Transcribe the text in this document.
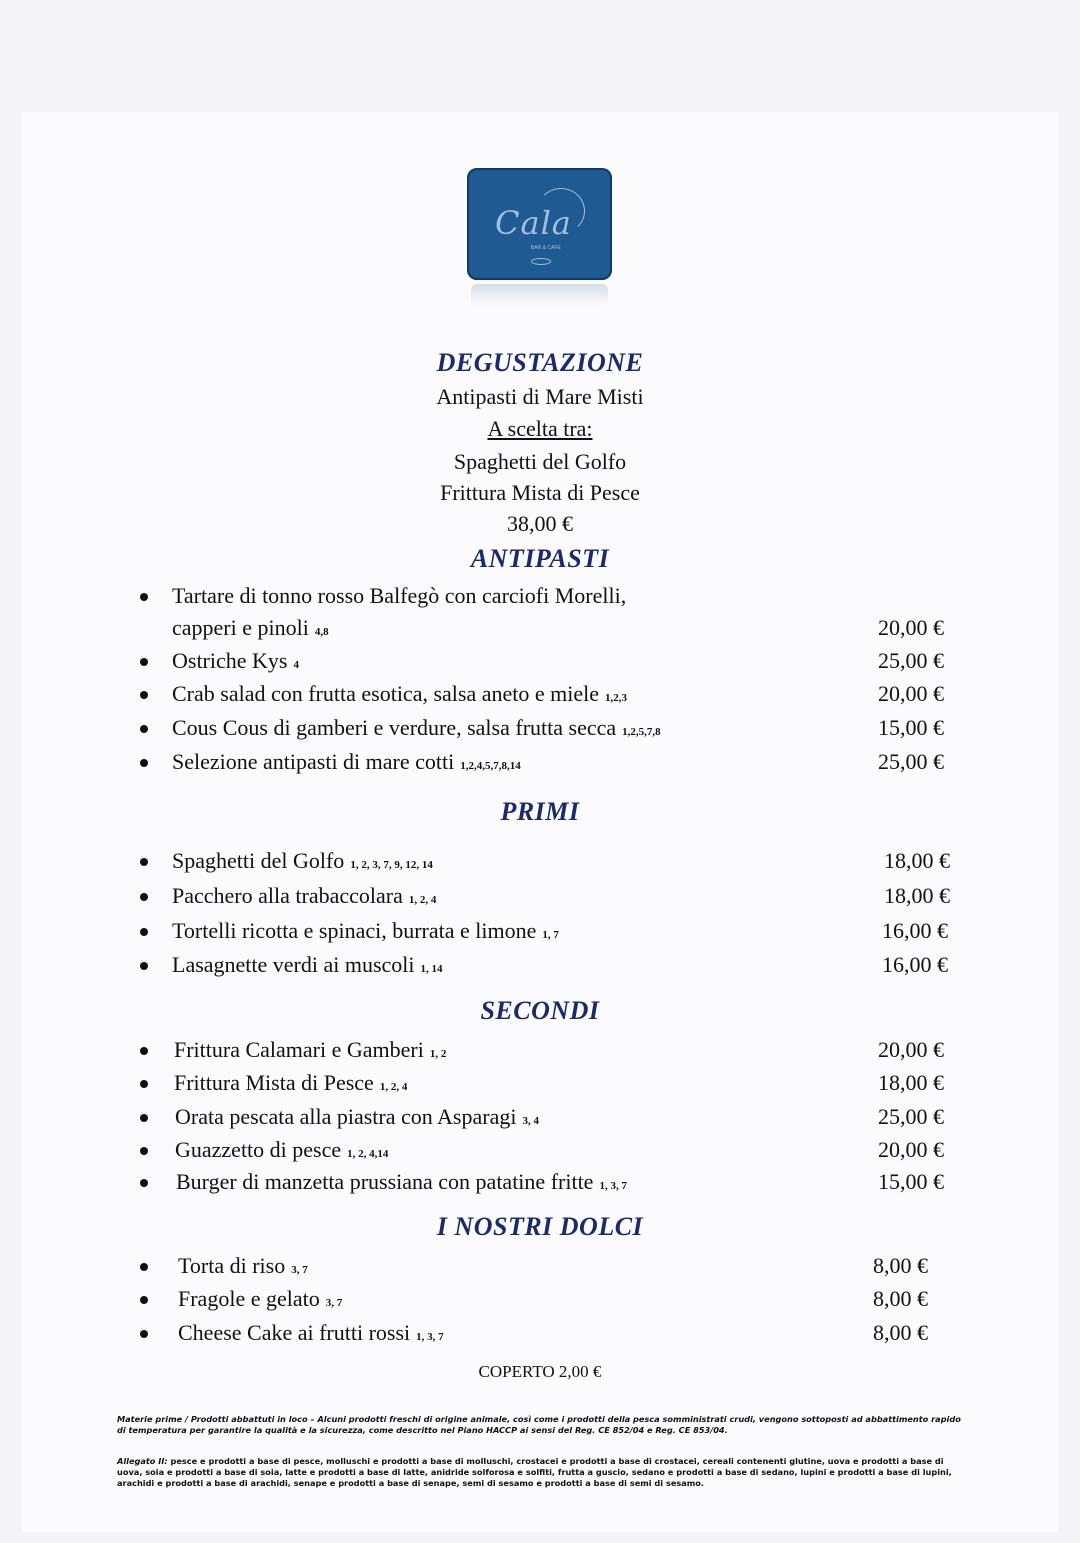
Cala
BAR & CAFE
DEGUSTAZIONE
Antipasti di Mare Misti
A scelta tra:
Spaghetti del Golfo
Frittura Mista di Pesce
38,00 €
ANTIPASTI
Tartare di tonno rosso Balfegò con carciofi Morelli,
capperi e pinoli 4,8	20,00 €
Ostriche Kys 4	25,00 €
Crab salad con frutta esotica, salsa aneto e miele 1,2,3	20,00 €
Cous Cous di gamberi e verdure, salsa frutta secca 1,2,5,7,8	15,00 €
Selezione antipasti di mare cotti 1,2,4,5,7,8,14	25,00 €
PRIMI
Spaghetti del Golfo 1, 2, 3, 7, 9, 12, 14	18,00 €
Pacchero alla trabaccolara 1, 2, 4	18,00 €
Tortelli ricotta e spinaci, burrata e limone 1, 7	16,00 €
Lasagnette verdi ai muscoli 1, 14	16,00 €
SECONDI
Frittura Calamari e Gamberi 1, 2	20,00 €
Frittura Mista di Pesce 1, 2, 4	18,00 €
Orata pescata alla piastra con Asparagi 3, 4	25,00 €
Guazzetto di pesce 1, 2, 4,14	20,00 €
Burger di manzetta prussiana con patatine fritte 1, 3, 7	15,00 €
I NOSTRI DOLCI
Torta di riso 3, 7	8,00 €
Fragole e gelato 3, 7	8,00 €
Cheese Cake ai frutti rossi 1, 3, 7	8,00 €
COPERTO 2,00 €
Materie prime / Prodotti abbattuti in loco – Alcuni prodotti freschi di origine animale, così come i prodotti della pesca somministrati crudi, vengono sottoposti ad abbattimento rapido di temperatura per garantire la qualità e la sicurezza, come descritto nel Piano HACCP ai sensi del Reg. CE 852/04 e Reg. CE 853/04.
Allegato II: pesce e prodotti a base di pesce, molluschi e prodotti a base di molluschi, crostacei e prodotti a base di crostacei, cereali contenenti glutine, uova e prodotti a base di uova, soia e prodotti a base di soia, latte e prodotti a base di latte, anidride solforosa e solfiti, frutta a guscio, sedano e prodotti a base di sedano, lupini e prodotti a base di lupini, arachidi e prodotti a base di arachidi, senape e prodotti a base di senape, semi di sesamo e prodotti a base di semi di sesamo.
